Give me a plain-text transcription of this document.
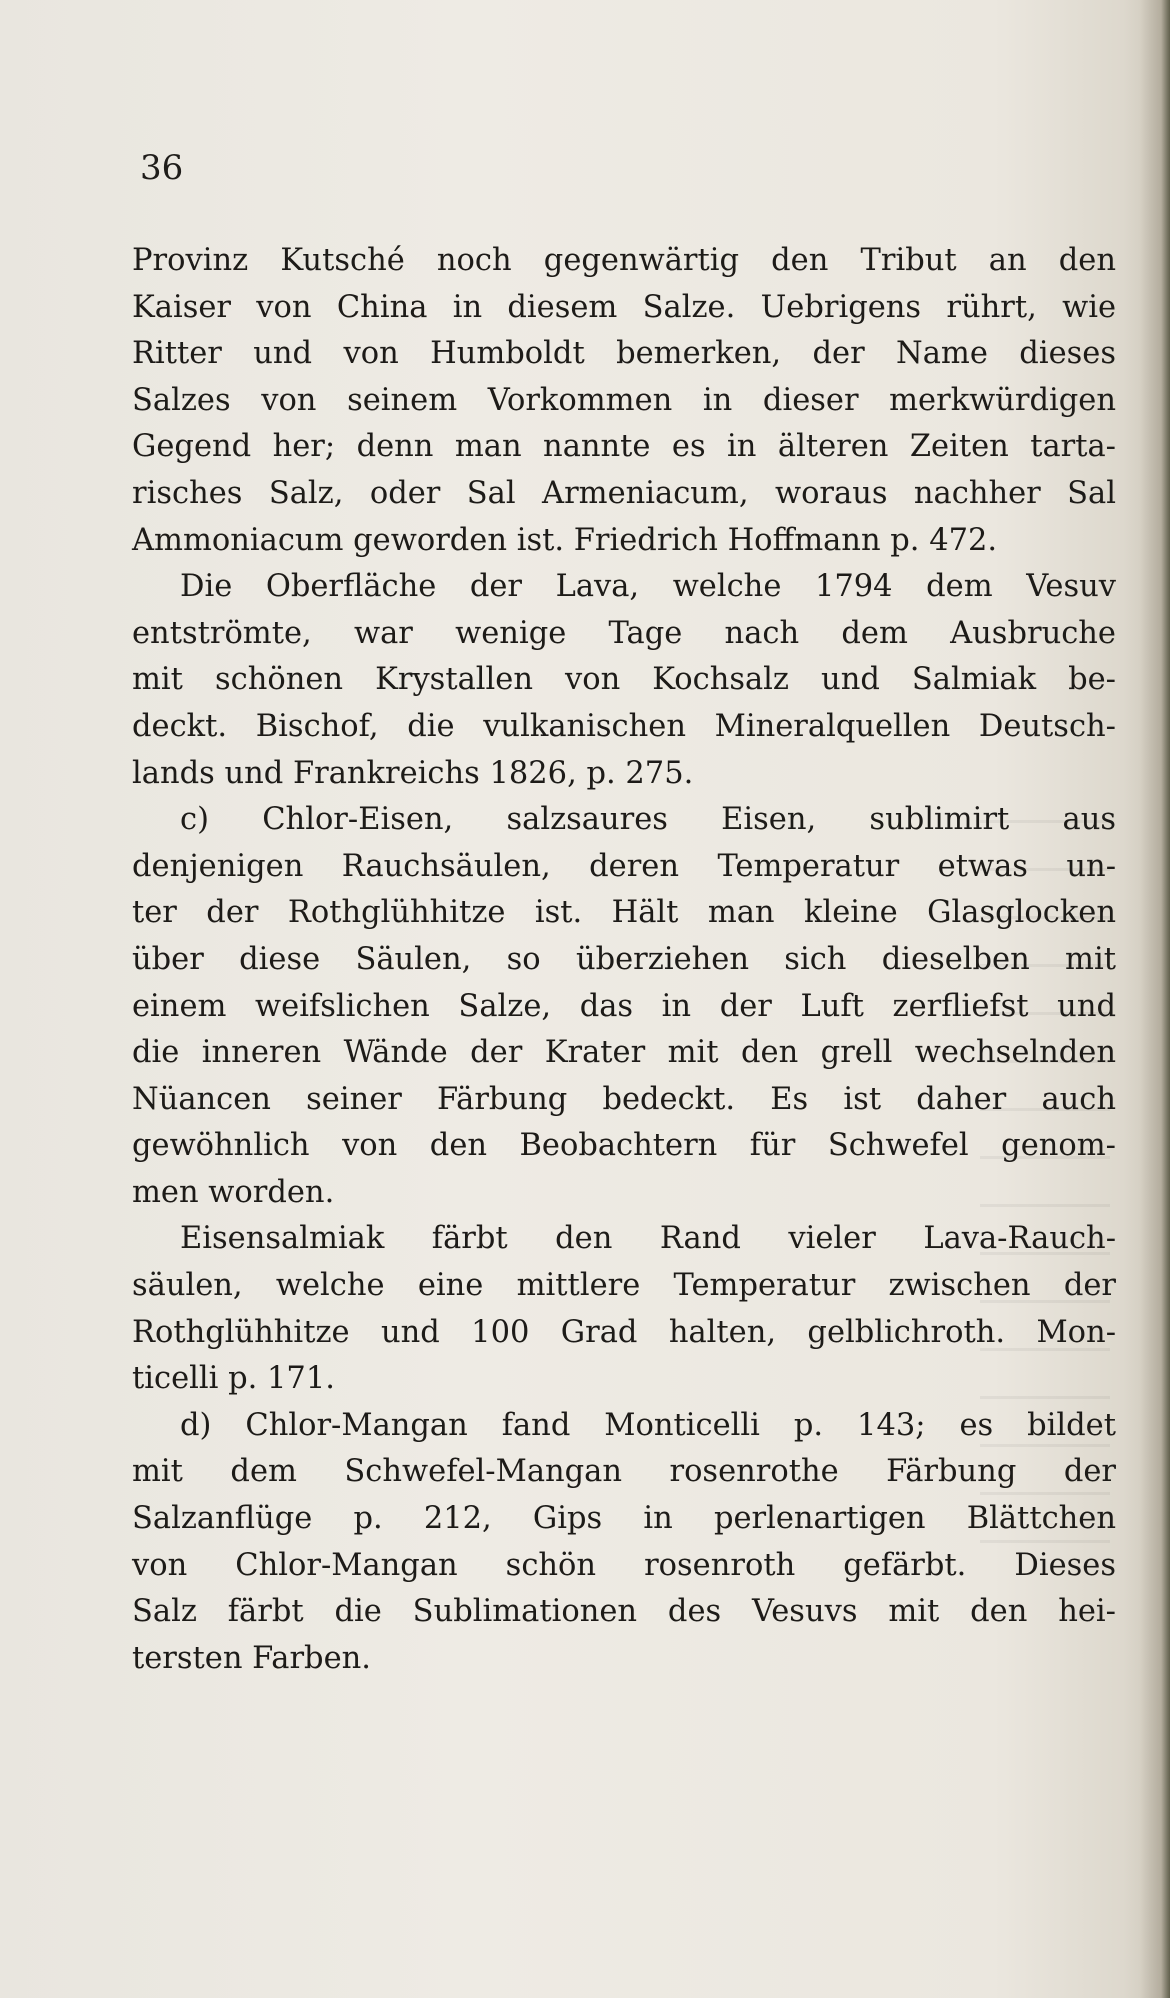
36
Provinz Kutsché noch gegenwärtig den Tribut an den
Kaiser von China in diesem Salze. Uebrigens rührt, wie
Ritter und von Humboldt bemerken, der Name dieses
Salzes von seinem Vorkommen in dieser merkwürdigen
Gegend her; denn man nannte es in älteren Zeiten tarta-
risches Salz, oder Sal Armeniacum, woraus nachher Sal
Ammoniacum geworden ist. Friedrich Hoffmann p. 472.
Die Oberfläche der Lava, welche 1794 dem Vesuv
entströmte, war wenige Tage nach dem Ausbruche
mit schönen Krystallen von Kochsalz und Salmiak be-
deckt. Bischof, die vulkanischen Mineralquellen Deutsch-
lands und Frankreichs 1826, p. 275.
c) Chlor-Eisen, salzsaures Eisen, sublimirt aus
denjenigen Rauchsäulen, deren Temperatur etwas un-
ter der Rothglühhitze ist. Hält man kleine Glasglocken
über diese Säulen, so überziehen sich dieselben mit
einem weifslichen Salze, das in der Luft zerfliefst und
die inneren Wände der Krater mit den grell wechselnden
Nüancen seiner Färbung bedeckt. Es ist daher auch
gewöhnlich von den Beobachtern für Schwefel genom-
men worden.
Eisensalmiak färbt den Rand vieler Lava-Rauch-
säulen, welche eine mittlere Temperatur zwischen der
Rothglühhitze und 100 Grad halten, gelblichroth. Mon-
ticelli p. 171.
d) Chlor-Mangan fand Monticelli p. 143; es bildet
mit dem Schwefel-Mangan rosenrothe Färbung der
Salzanflüge p. 212, Gips in perlenartigen Blättchen
von Chlor-Mangan schön rosenroth gefärbt. Dieses
Salz färbt die Sublimationen des Vesuvs mit den hei-
tersten Farben.
